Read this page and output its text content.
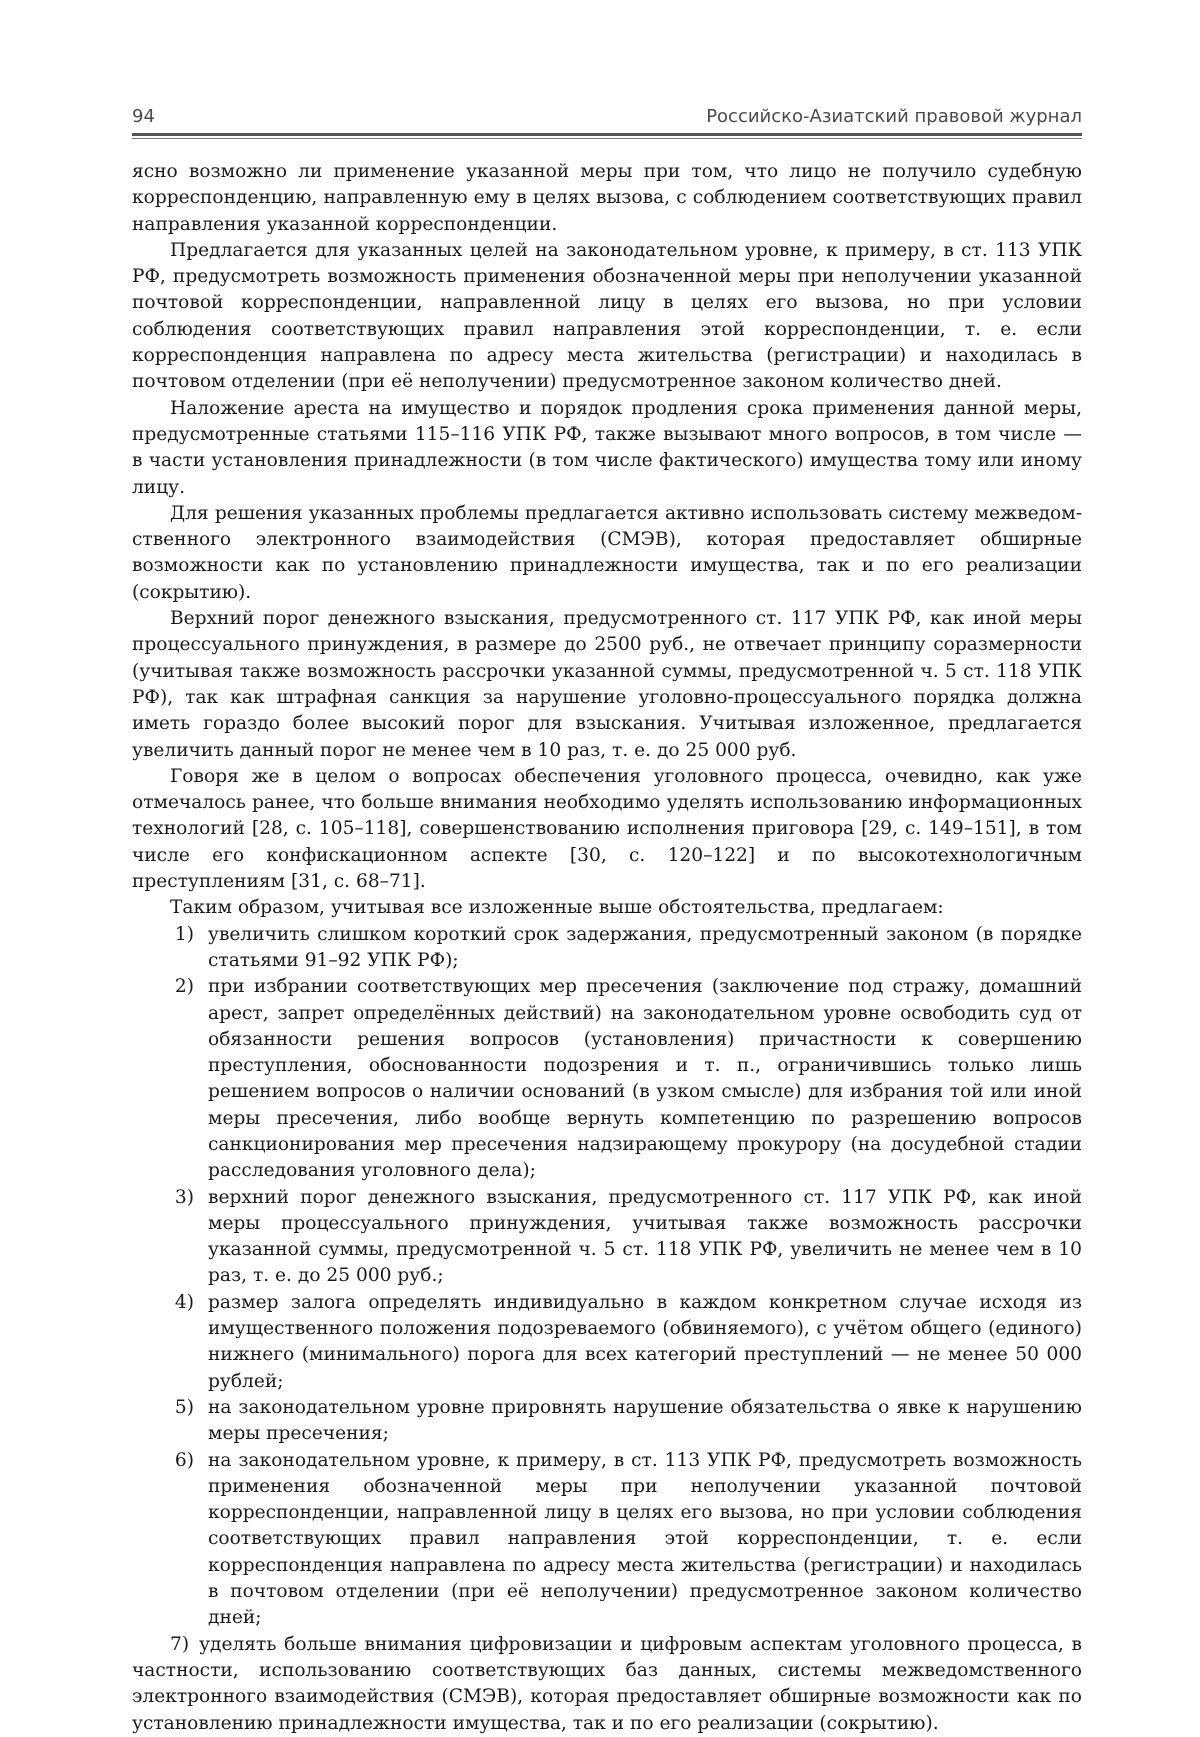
94	Российско-Азиатский правовой журнал

ясно возможно ли применение указанной меры при том, что лицо не получило судебную корреспонденцию, направленную ему в целях вызова, с соблюдением соответствующих правил направления указанной корреспонденции.

Предлагается для указанных целей на законодательном уровне, к примеру, в ст. 113 УПК РФ, предусмотреть возможность применения обозначенной меры при неполучении указанной почтовой корреспонденции, направленной лицу в целях его вызова, но при условии соблюдения соответствующих правил направления этой корреспонденции, т. е. если корреспонденция направлена по адресу места жительства (регистрации) и находилась в почтовом отделении (при её неполучении) предусмотренное законом количество дней.

Наложение ареста на имущество и порядок продления срока применения данной меры, предусмотренные статьями 115–116 УПК РФ, также вызывают много вопросов, в том числе — в части установления принадлежности (в том числе фактического) имущества тому или иному лицу.

Для решения указанных проблемы предлагается активно использовать систему межведомственного электронного взаимодействия (СМЭВ), которая предоставляет обширные возможности как по установлению принадлежности имущества, так и по его реализации (сокрытию).

Верхний порог денежного взыскания, предусмотренного ст. 117 УПК РФ, как иной меры процессуального принуждения, в размере до 2500 руб., не отвечает принципу соразмерности (учитывая также возможность рассрочки указанной суммы, предусмотренной ч. 5 ст. 118 УПК РФ), так как штрафная санкция за нарушение уголовно-процессуального порядка должна иметь гораздо более высокий порог для взыскания. Учитывая изложенное, предлагается увеличить данный порог не менее чем в 10 раз, т. е. до 25 000 руб.

Говоря же в целом о вопросах обеспечения уголовного процесса, очевидно, как уже отмечалось ранее, что больше внимания необходимо уделять использованию информационных технологий [28, с. 105–118], совершенствованию исполнения приговора [29, с. 149–151], в том числе его конфискационном аспекте [30, с. 120–122] и по высокотехнологичным преступлениям [31, с. 68–71].

Таким образом, учитывая все изложенные выше обстоятельства, предлагаем:

1) увеличить слишком короткий срок задержания, предусмотренный законом (в порядке статьями 91–92 УПК РФ);
2) при избрании соответствующих мер пресечения (заключение под стражу, домашний арест, запрет определённых действий) на законодательном уровне освободить суд от обязанности решения вопросов (установления) причастности к совершению преступления, обоснованности подозрения и т. п., ограничившись только лишь решением вопросов о наличии оснований (в узком смысле) для избрания той или иной меры пресечения, либо вообще вернуть компетенцию по разрешению вопросов санкционирования мер пресечения надзирающему прокурору (на досудебной стадии расследования уголовного дела);
3) верхний порог денежного взыскания, предусмотренного ст. 117 УПК РФ, как иной меры процессуального принуждения, учитывая также возможность рассрочки указанной суммы, предусмотренной ч. 5 ст. 118 УПК РФ, увеличить не менее чем в 10 раз, т. е. до 25 000 руб.;
4) размер залога определять индивидуально в каждом конкретном случае исходя из имущественного положения подозреваемого (обвиняемого), с учётом общего (единого) нижнего (минимального) порога для всех категорий преступлений — не менее 50 000 рублей;
5) на законодательном уровне прировнять нарушение обязательства о явке к нарушению меры пресечения;
6) на законодательном уровне, к примеру, в ст. 113 УПК РФ, предусмотреть возможность применения обозначенной меры при неполучении указанной почтовой корреспонденции, направленной лицу в целях его вызова, но при условии соблюдения соответствующих правил направления этой корреспонденции, т. е. если корреспонденция направлена по адресу места жительства (регистрации) и находилась в почтовом отделении (при её неполучении) предусмотренное законом количество дней;

7) уделять больше внимания цифровизации и цифровым аспектам уголовного процесса, в частности, использованию соответствующих баз данных, системы межведомственного электронного взаимодействия (СМЭВ), которая предоставляет обширные возможности как по установлению принадлежности имущества, так и по его реализации (сокрытию).
